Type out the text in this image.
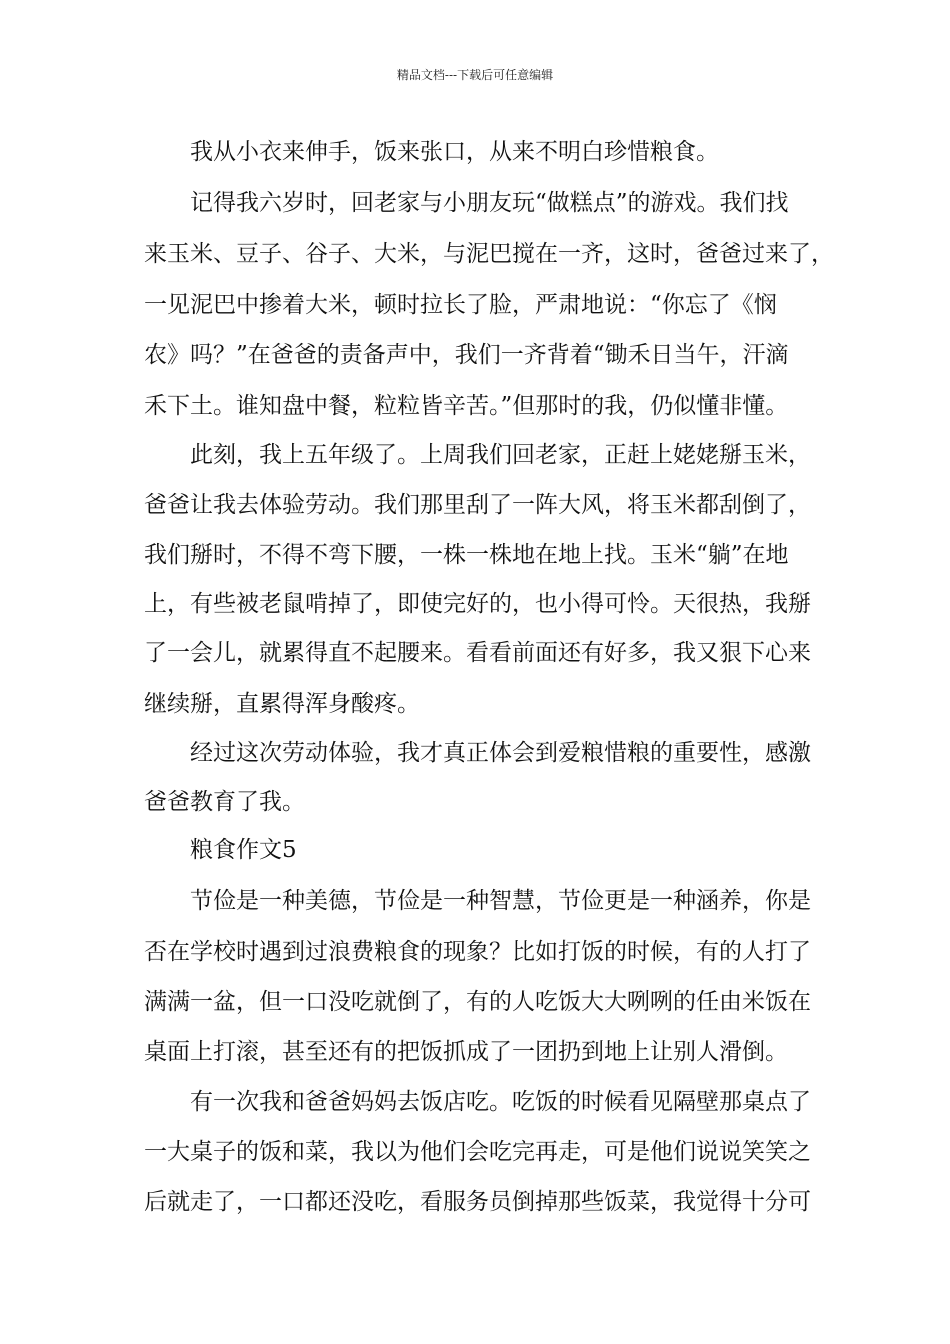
精品文档---下载后可任意编辑
我从小衣来伸手，饭来张口，从来不明白珍惜粮食。
记得我六岁时，回老家与小朋友玩“做糕点”的游戏。我们找
来玉米、豆子、谷子、大米，与泥巴搅在一齐，这时，爸爸过来了，
一见泥巴中掺着大米，顿时拉长了脸，严肃地说：“你忘了《悯
农》吗？”在爸爸的责备声中，我们一齐背着“锄禾日当午，汗滴
禾下土。谁知盘中餐，粒粒皆辛苦。”但那时的我，仍似懂非懂。
此刻，我上五年级了。上周我们回老家，正赶上姥姥掰玉米，
爸爸让我去体验劳动。我们那里刮了一阵大风，将玉米都刮倒了，
我们掰时，不得不弯下腰，一株一株地在地上找。玉米“躺”在地
上，有些被老鼠啃掉了，即使完好的，也小得可怜。天很热，我掰
了一会儿，就累得直不起腰来。看看前面还有好多，我又狠下心来
继续掰，直累得浑身酸疼。
经过这次劳动体验，我才真正体会到爱粮惜粮的重要性，感激
爸爸教育了我。
粮食作文5
节俭是一种美德，节俭是一种智慧，节俭更是一种涵养，你是
否在学校时遇到过浪费粮食的现象？比如打饭的时候，有的人打了
满满一盆，但一口没吃就倒了，有的人吃饭大大咧咧的任由米饭在
桌面上打滚，甚至还有的把饭抓成了一团扔到地上让别人滑倒。
有一次我和爸爸妈妈去饭店吃。吃饭的时候看见隔壁那桌点了
一大桌子的饭和菜，我以为他们会吃完再走，可是他们说说笑笑之
后就走了，一口都还没吃，看服务员倒掉那些饭菜，我觉得十分可
